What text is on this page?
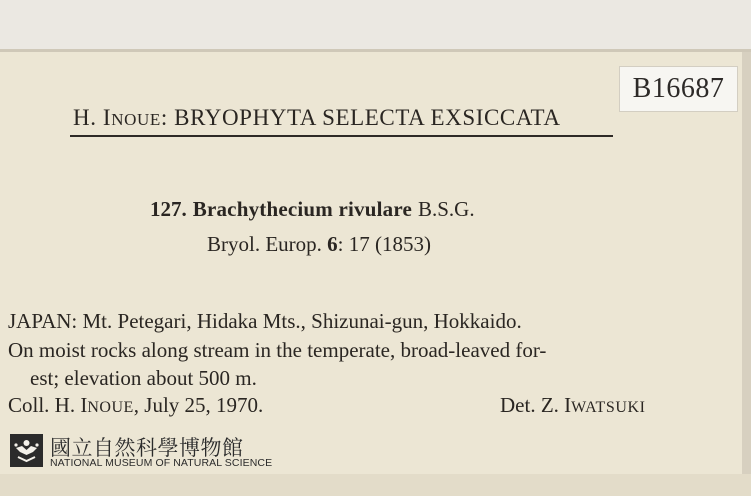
B16687
H. INOUE: BRYOPHYTA SELECTA EXSICCATA
127. Brachythecium rivulare B.S.G.
Bryol. Europ. 6: 17 (1853)
JAPAN: Mt. Petegari, Hidaka Mts., Shizunai-gun, Hokkaido.
On moist rocks along stream in the temperate, broad-leaved for-
est; elevation about 500 m.
Coll. H. INOUE, July 25, 1970.	Det. Z. IWATSUKI
國立自然科學博物館
NATIONAL MUSEUM OF NATURAL SCIENCE
